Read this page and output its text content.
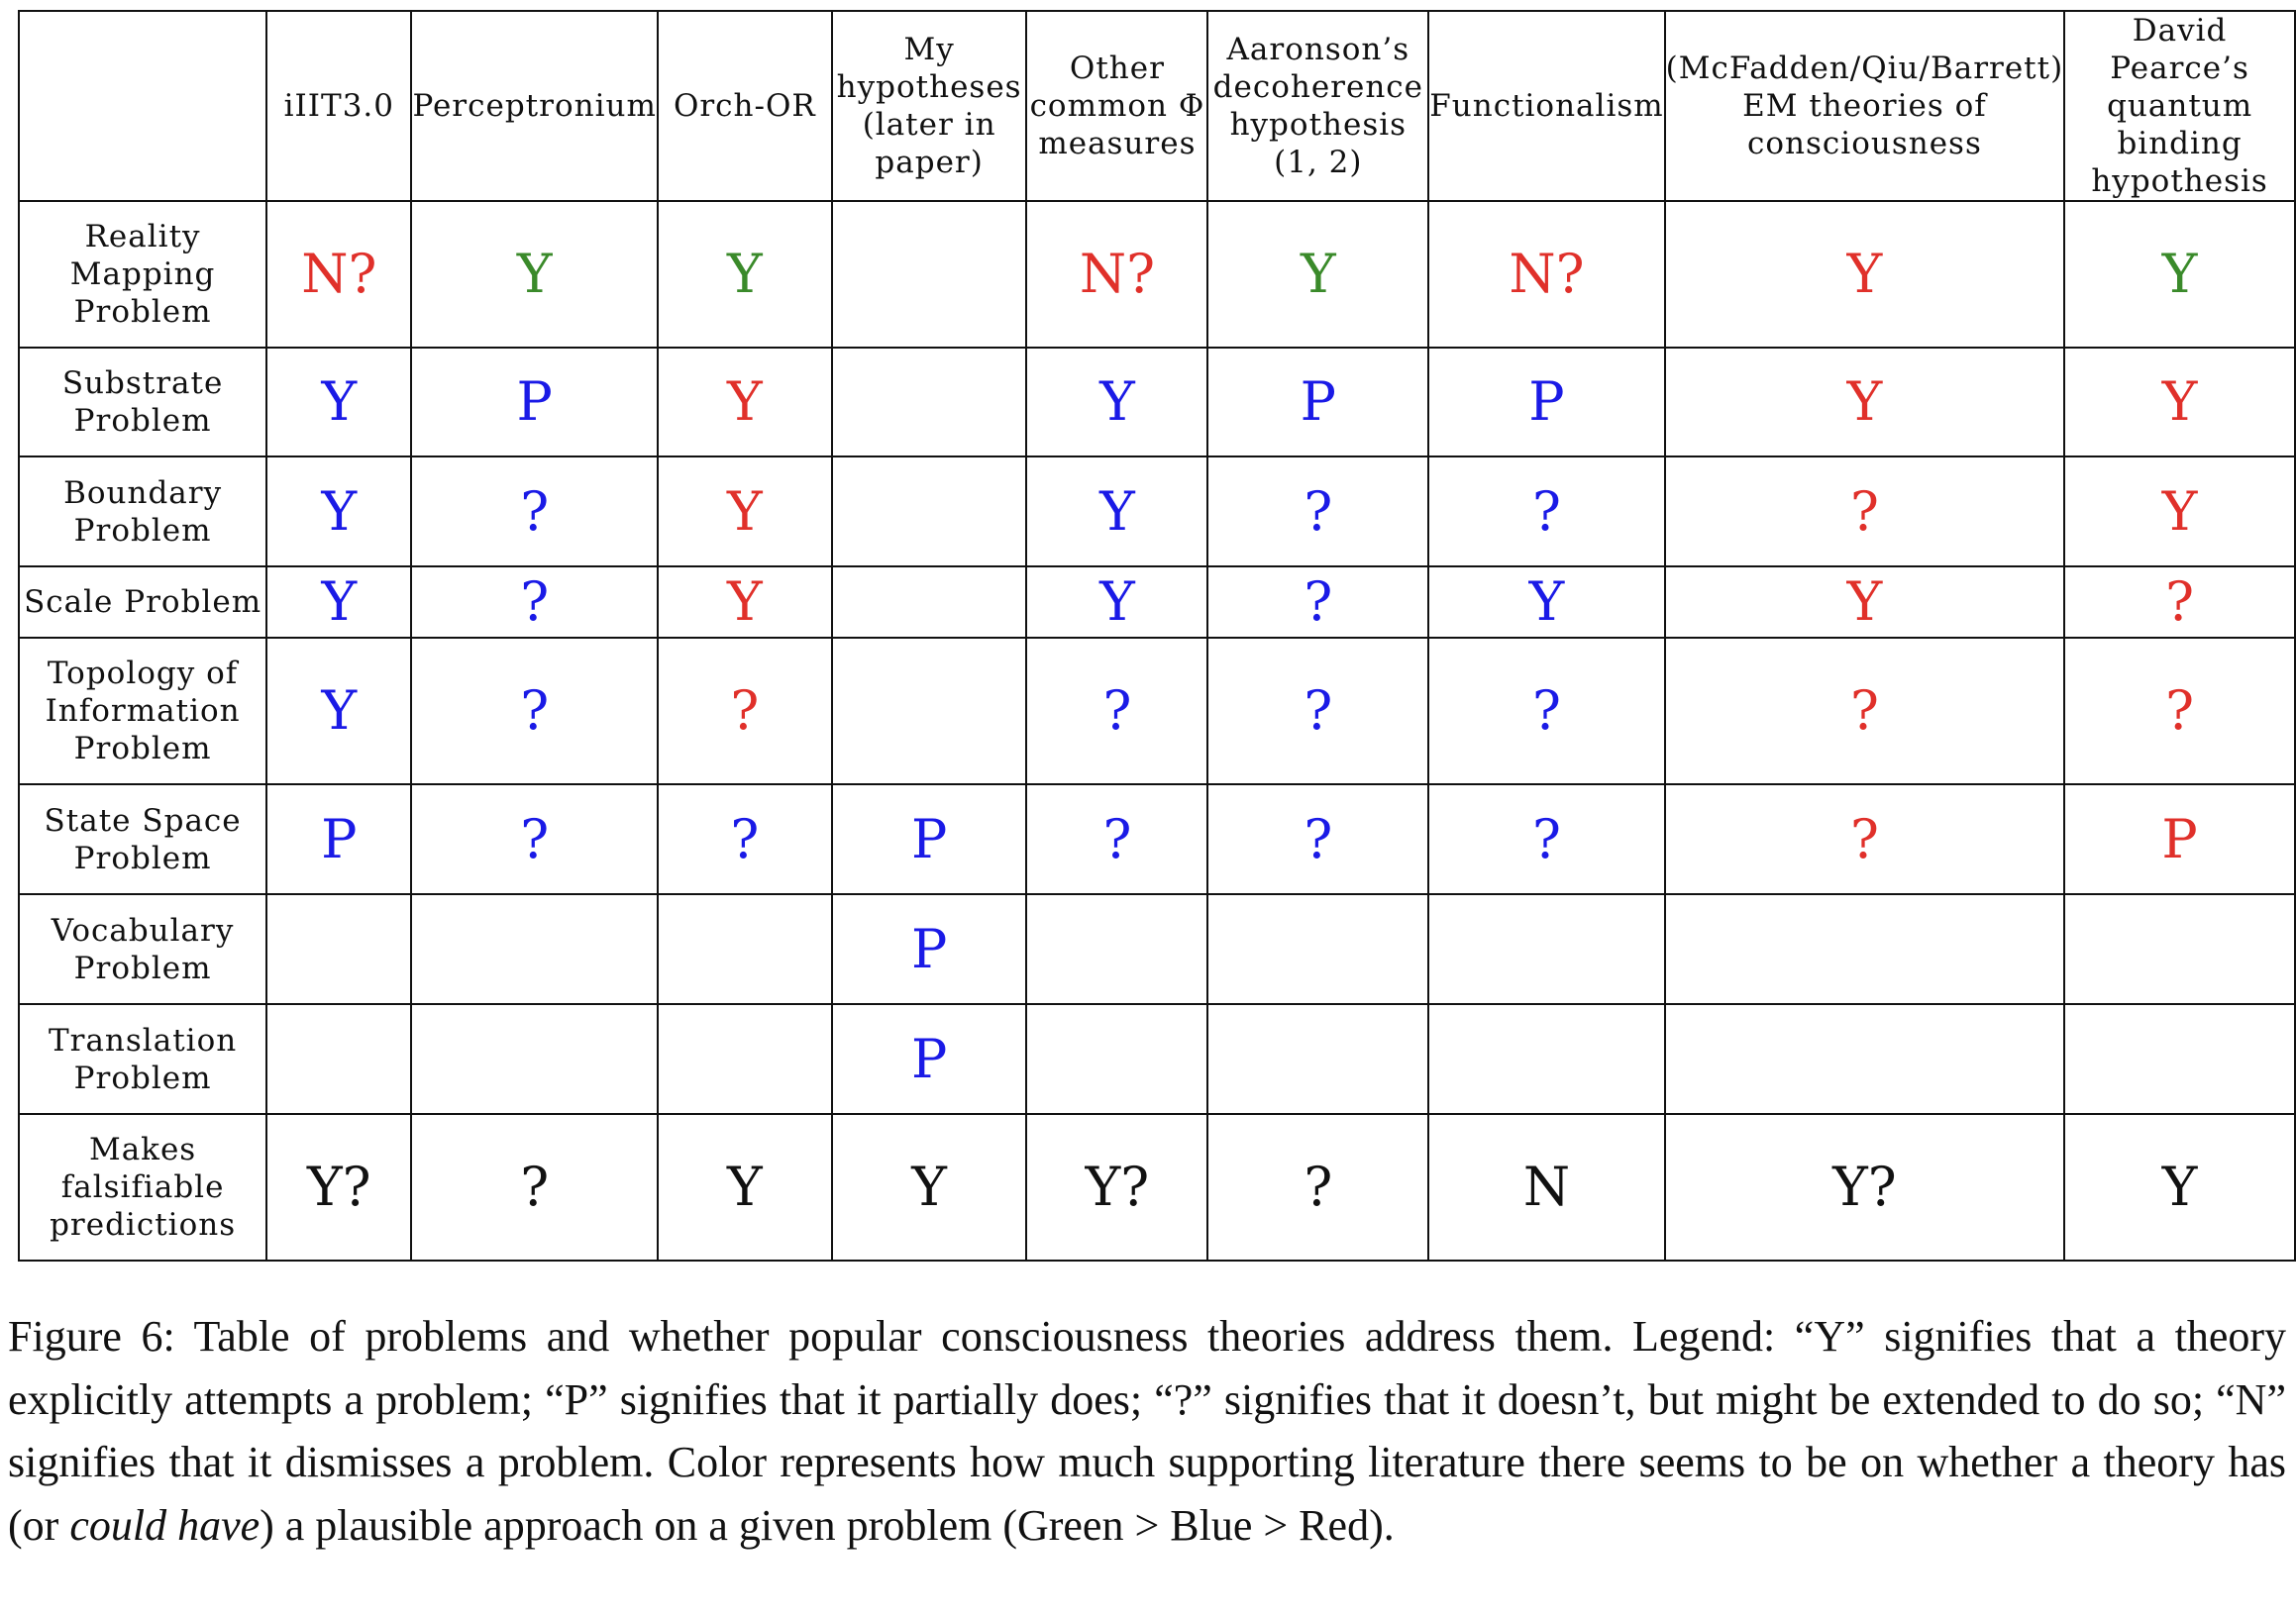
	iIIT3.0	Perceptronium	Orch-OR	My hypotheses (later in paper)	Other common Φ measures	Aaronson’s decoherence hypothesis (1, 2)	Functionalism	(McFadden/Qiu/Barrett) EM theories of consciousness	David Pearce’s quantum binding hypothesis
Reality Mapping Problem	N?	Y	Y		N?	Y	N?	Y	Y
Substrate Problem	Y	P	Y		Y	P	P	Y	Y
Boundary Problem	Y	?	Y		Y	?	?	?	Y
Scale Problem	Y	?	Y		Y	?	Y	Y	?
Topology of Information Problem	Y	?	?		?	?	?	?	?
State Space Problem	P	?	?	P	?	?	?	?	P
Vocabulary Problem				P					
Translation Problem				P					
Makes falsifiable predictions	Y?	?	Y	Y	Y?	?	N	Y?	Y
Figure 6: Table of problems and whether popular consciousness theories address them. Legend: “Y” signifies that a theory explicitly attempts a problem; “P” signifies that it partially does; “?” signifies that it doesn’t, but might be extended to do so; “N” signifies that it dismisses a problem. Color represents how much supporting literature there seems to be on whether a theory has (or could have) a plausible approach on a given problem (Green > Blue > Red).
